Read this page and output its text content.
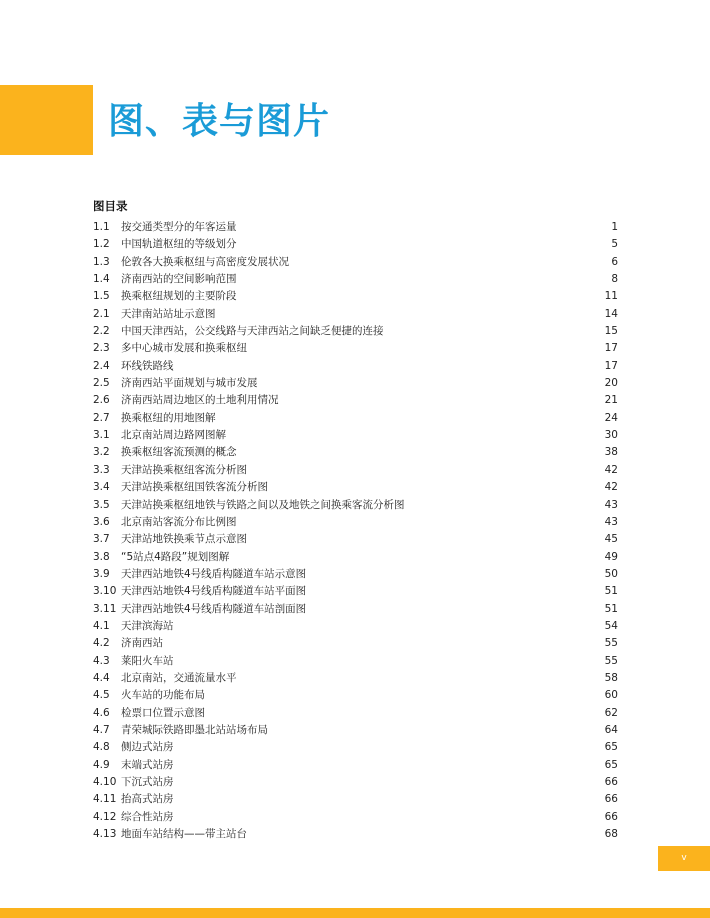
图、表与图片
图目录
1.1 按交通类型分的年客运量	1
1.2 中国轨道枢纽的等级划分	5
1.3 伦敦各大换乘枢纽与高密度发展状况	6
1.4 济南西站的空间影响范围	8
1.5 换乘枢纽规划的主要阶段	11
2.1 天津南站站址示意图	14
2.2 中国天津西站，公交线路与天津西站之间缺乏便捷的连接	15
2.3 多中心城市发展和换乘枢纽	17
2.4 环线铁路线	17
2.5 济南西站平面规划与城市发展	20
2.6 济南西站周边地区的土地利用情况	21
2.7 换乘枢纽的用地图解	24
3.1 北京南站周边路网图解	30
3.2 换乘枢纽客流预测的概念	38
3.3 天津站换乘枢纽客流分析图	42
3.4 天津站换乘枢纽国铁客流分析图	42
3.5 天津站换乘枢纽地铁与铁路之间以及地铁之间换乘客流分析图	43
3.6 北京南站客流分布比例图	43
3.7 天津站地铁换乘节点示意图	45
3.8 “5站点4路段”规划图解	49
3.9 天津西站地铁4号线盾构隧道车站示意图	50
3.10 天津西站地铁4号线盾构隧道车站平面图	51
3.11 天津西站地铁4号线盾构隧道车站剖面图	51
4.1 天津滨海站	54
4.2 济南西站	55
4.3 莱阳火车站	55
4.4 北京南站，交通流量水平	58
4.5 火车站的功能布局	60
4.6 检票口位置示意图	62
4.7 青荣城际铁路即墨北站站场布局	64
4.8 侧边式站房	65
4.9 末端式站房	65
4.10 下沉式站房	66
4.11 抬高式站房	66
4.12 综合性站房	66
4.13 地面车站结构——带主站台	68
v
